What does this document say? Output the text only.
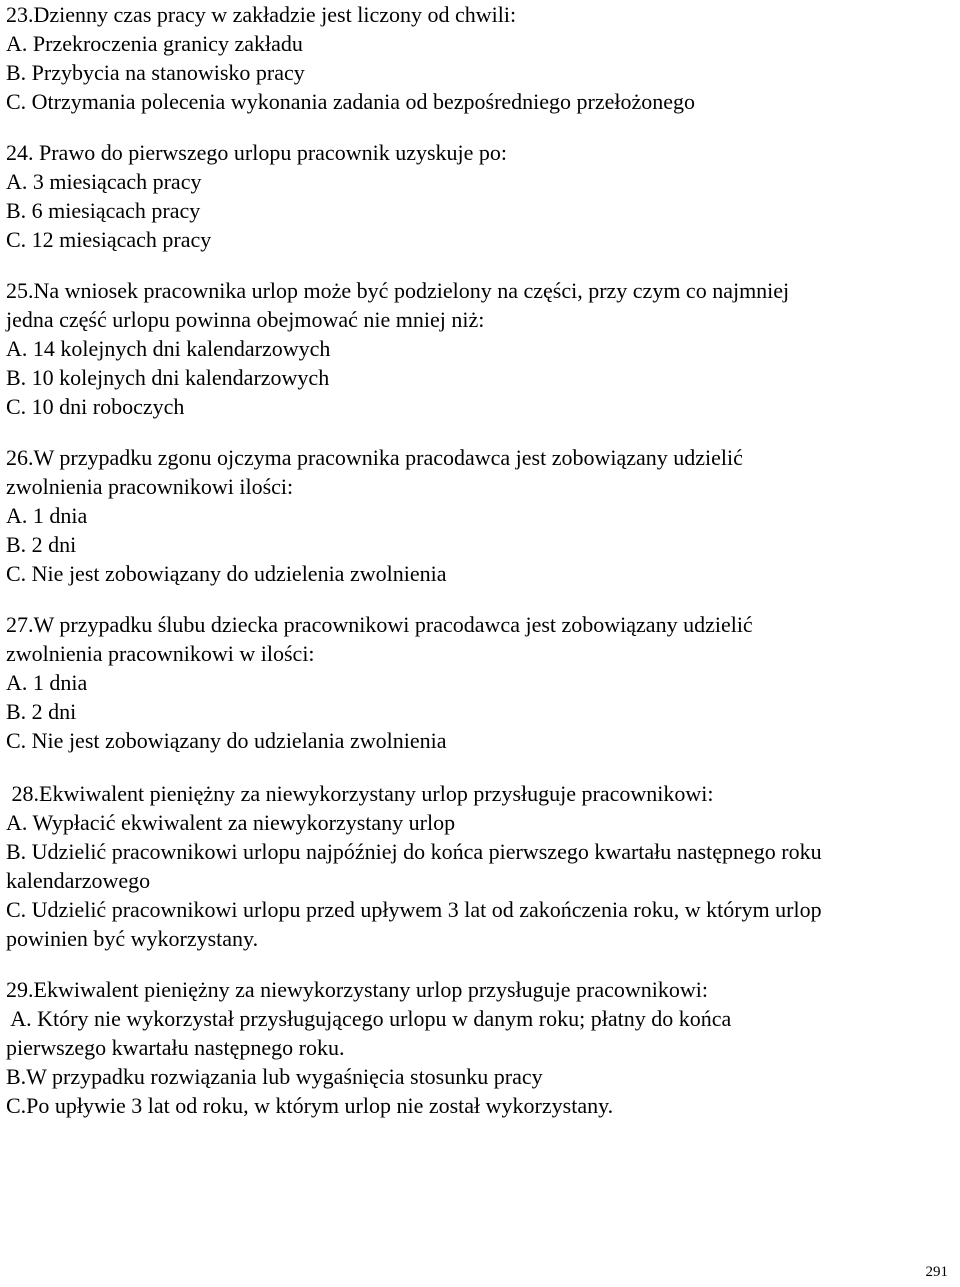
23.Dzienny czas pracy w zakładzie jest liczony od chwili:
A. Przekroczenia granicy zakładu
B. Przybycia na stanowisko pracy
C. Otrzymania polecenia wykonania zadania od bezpośredniego przełożonego
24. Prawo do pierwszego urlopu pracownik uzyskuje po:
A. 3 miesiącach pracy
B. 6 miesiącach pracy
C. 12 miesiącach pracy
25.Na wniosek pracownika urlop może być podzielony na części, przy czym co najmniej
jedna część urlopu powinna obejmować nie mniej niż:
A. 14 kolejnych dni kalendarzowych
B. 10 kolejnych dni kalendarzowych
C. 10 dni roboczych
26.W przypadku zgonu ojczyma pracownika pracodawca jest zobowiązany udzielić
zwolnienia pracownikowi ilości:
A. 1 dnia
B. 2 dni
C. Nie jest zobowiązany do udzielenia zwolnienia
27.W przypadku ślubu dziecka pracownikowi pracodawca jest zobowiązany udzielić
zwolnienia pracownikowi w ilości:
A. 1 dnia
B. 2 dni
C. Nie jest zobowiązany do udzielania zwolnienia
28.Ekwiwalent pieniężny za niewykorzystany urlop przysługuje pracownikowi:
A. Wypłacić ekwiwalent za niewykorzystany urlop
B. Udzielić pracownikowi urlopu najpóźniej do końca pierwszego kwartału następnego roku
kalendarzowego
C. Udzielić pracownikowi urlopu przed upływem 3 lat od zakończenia roku, w którym urlop
powinien być wykorzystany.
29.Ekwiwalent pieniężny za niewykorzystany urlop przysługuje pracownikowi:
A. Który nie wykorzystał przysługującego urlopu w danym roku; płatny do końca
pierwszego kwartału następnego roku.
B.W przypadku rozwiązania lub wygaśnięcia stosunku pracy
C.Po upływie 3 lat od roku, w którym urlop nie został wykorzystany.
291
